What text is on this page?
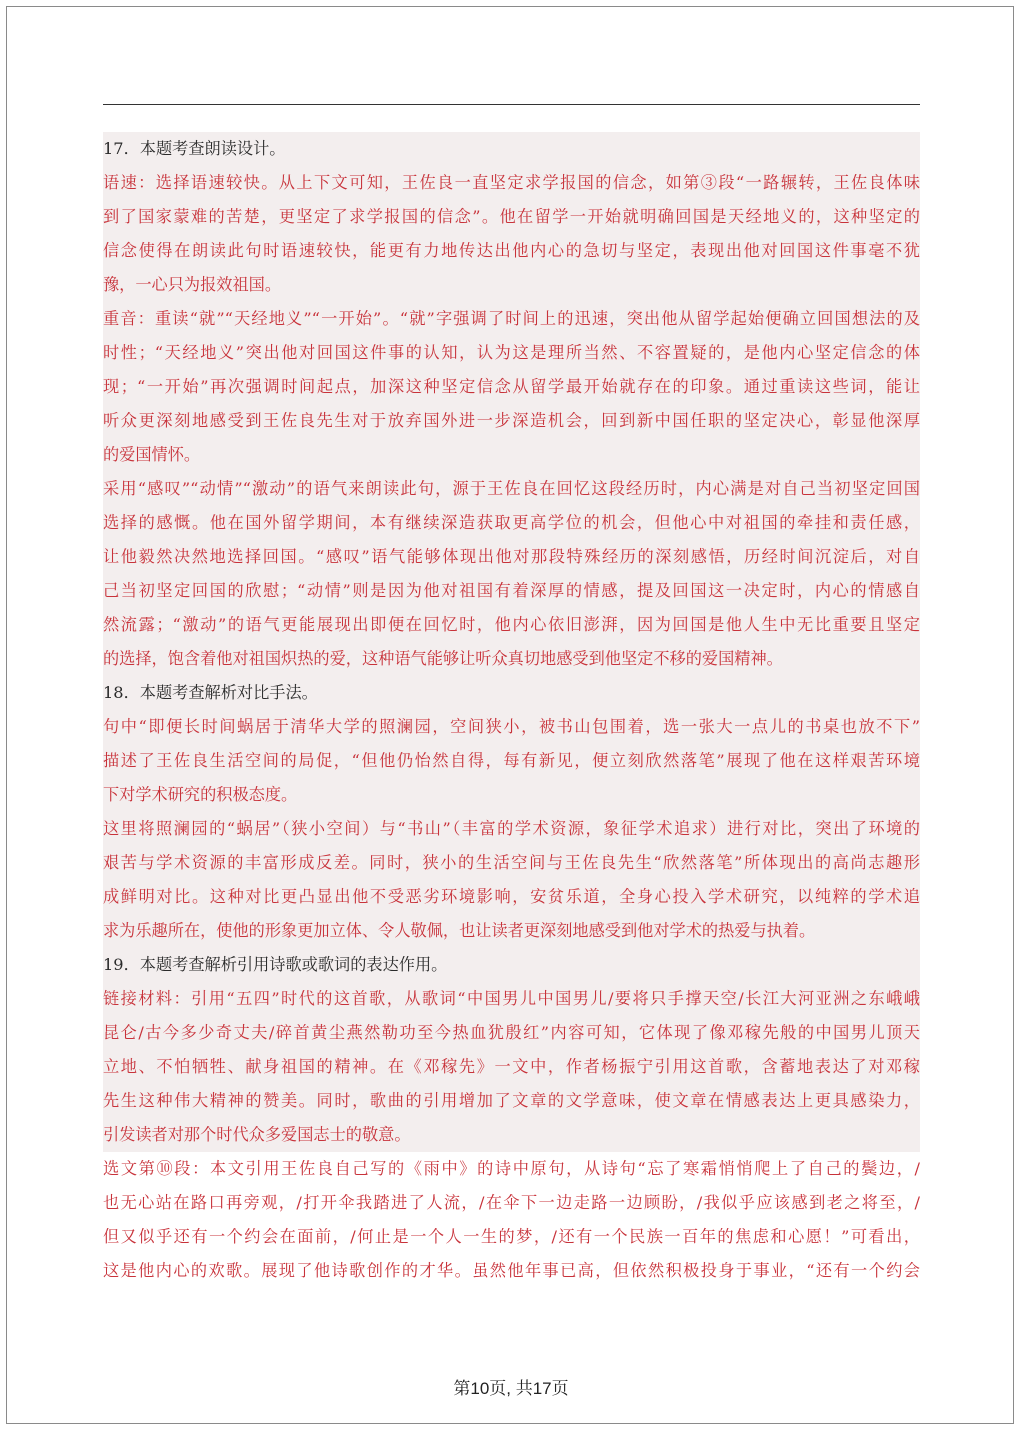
17．本题考查朗读设计。
语速：选择语速较快。从上下文可知，王佐良一直坚定求学报国的信念，如第③段“一路辗转，王佐良体味
到了国家蒙难的苦楚，更坚定了求学报国的信念”。他在留学一开始就明确回国是天经地义的，这种坚定的
信念使得在朗读此句时语速较快，能更有力地传达出他内心的急切与坚定，表现出他对回国这件事毫不犹
豫，一心只为报效祖国。
重音：重读“就”“天经地义”“一开始”。“就”字强调了时间上的迅速，突出他从留学起始便确立回国想法的及
时性；“天经地义”突出他对回国这件事的认知，认为这是理所当然、不容置疑的，是他内心坚定信念的体
现；“一开始”再次强调时间起点，加深这种坚定信念从留学最开始就存在的印象。通过重读这些词，能让
听众更深刻地感受到王佐良先生对于放弃国外进一步深造机会，回到新中国任职的坚定决心，彰显他深厚
的爱国情怀。
采用“感叹”“动情”“激动”的语气来朗读此句，源于王佐良在回忆这段经历时，内心满是对自己当初坚定回国
选择的感慨。他在国外留学期间，本有继续深造获取更高学位的机会，但他心中对祖国的牵挂和责任感，
让他毅然决然地选择回国。“感叹”语气能够体现出他对那段特殊经历的深刻感悟，历经时间沉淀后，对自
己当初坚定回国的欣慰；“动情”则是因为他对祖国有着深厚的情感，提及回国这一决定时，内心的情感自
然流露；“激动”的语气更能展现出即便在回忆时，他内心依旧澎湃，因为回国是他人生中无比重要且坚定
的选择，饱含着他对祖国炽热的爱，这种语气能够让听众真切地感受到他坚定不移的爱国精神。
18．本题考查解析对比手法。
句中“即便长时间蜗居于清华大学的照澜园，空间狭小，被书山包围着，选一张大一点儿的书桌也放不下”
描述了王佐良生活空间的局促，“但他仍怡然自得，每有新见，便立刻欣然落笔”展现了他在这样艰苦环境
下对学术研究的积极态度。
这里将照澜园的“蜗居”（狭小空间）与“书山”（丰富的学术资源，象征学术追求）进行对比，突出了环境的
艰苦与学术资源的丰富形成反差。同时，狭小的生活空间与王佐良先生“欣然落笔”所体现出的高尚志趣形
成鲜明对比。这种对比更凸显出他不受恶劣环境影响，安贫乐道，全身心投入学术研究，以纯粹的学术追
求为乐趣所在，使他的形象更加立体、令人敬佩，也让读者更深刻地感受到他对学术的热爱与执着。
19．本题考查解析引用诗歌或歌词的表达作用。
链接材料：引用“五四”时代的这首歌，从歌词“中国男儿中国男儿/要将只手撑天空/长江大河亚洲之东峨峨
昆仑/古今多少奇丈夫/碎首黄尘燕然勒功至今热血犹殷红”内容可知，它体现了像邓稼先般的中国男儿顶天
立地、不怕牺牲、献身祖国的精神。在《邓稼先》一文中，作者杨振宁引用这首歌，含蓄地表达了对邓稼
先生这种伟大精神的赞美。同时，歌曲的引用增加了文章的文学意味，使文章在情感表达上更具感染力，
引发读者对那个时代众多爱国志士的敬意。
选文第⑩段：本文引用王佐良自己写的《雨中》的诗中原句，从诗句“忘了寒霜悄悄爬上了自己的鬓边，/
也无心站在路口再旁观，/打开伞我踏进了人流，/在伞下一边走路一边顾盼，/我似乎应该感到老之将至，/
但又似乎还有一个约会在面前，/何止是一个人一生的梦，/还有一个民族一百年的焦虑和心愿！”可看出，
这是他内心的欢歌。展现了他诗歌创作的才华。虽然他年事已高，但依然积极投身于事业，“还有一个约会
第10页, 共17页
